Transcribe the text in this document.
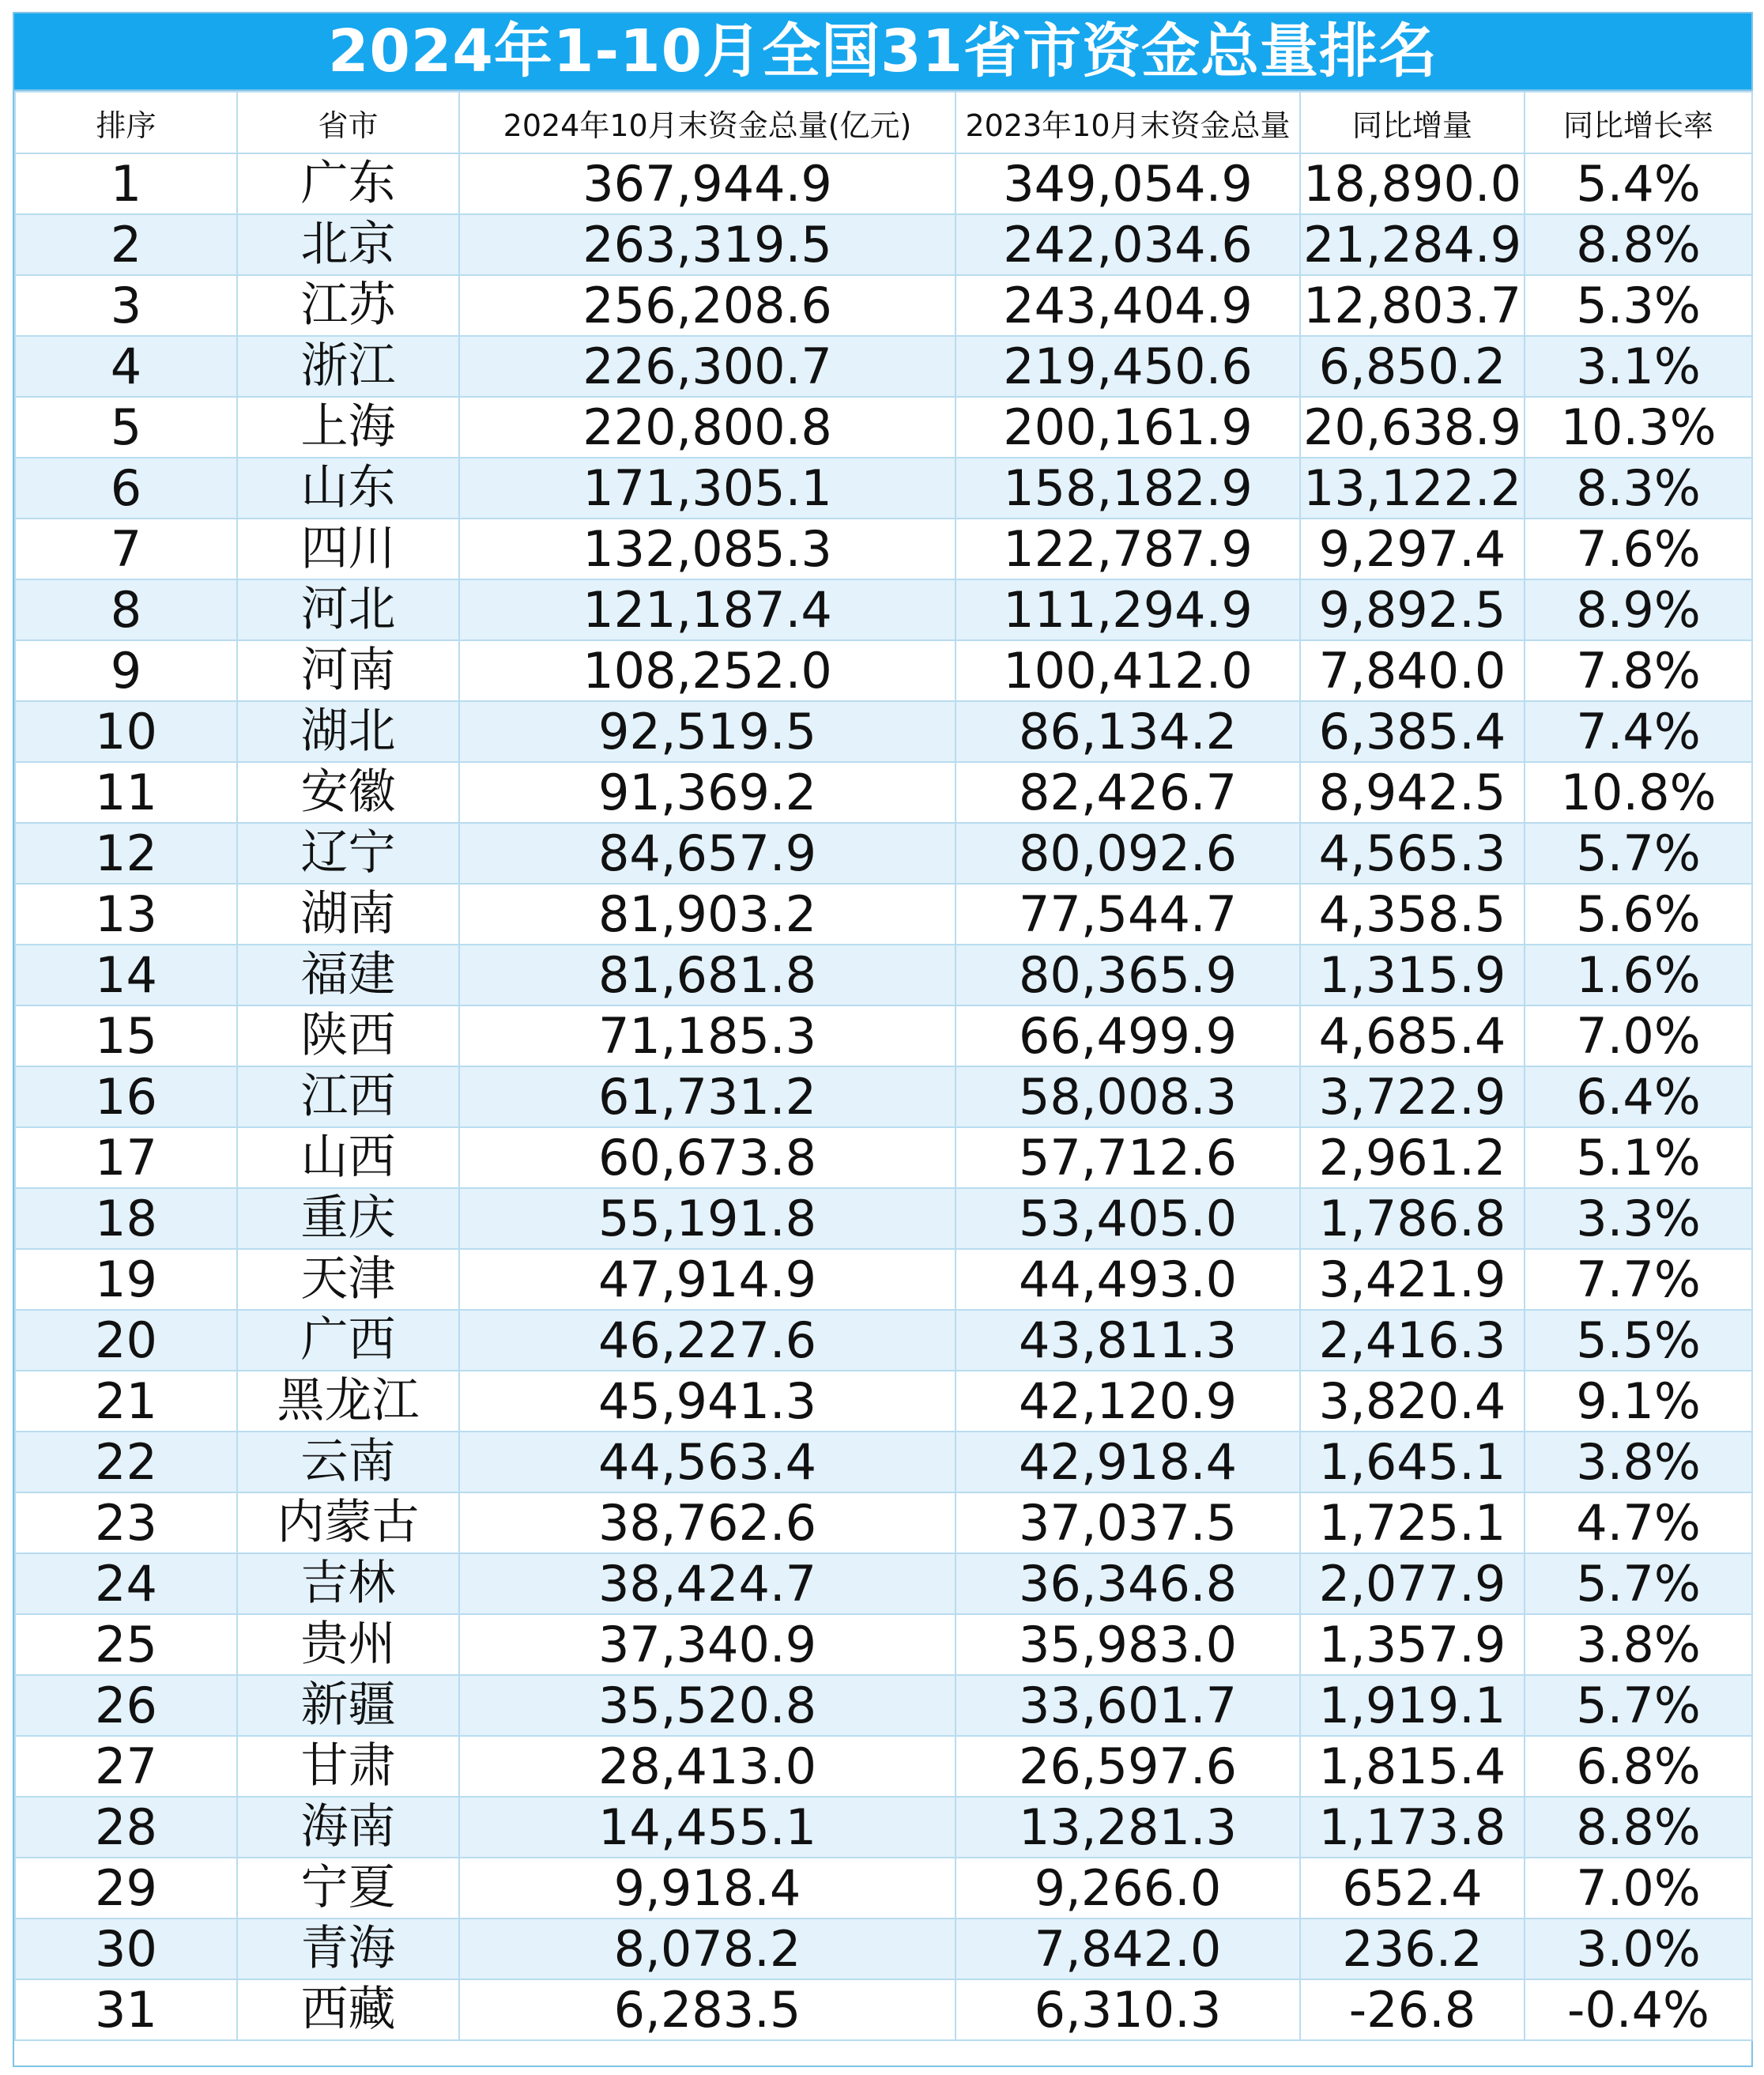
2024年1-10月全国31省市资金总量排名
排序	省市	2024年10月末资金总量(亿元)	2023年10月末资金总量	同比增量	同比增长率
1	广东	367,944.9	349,054.9	18,890.0	5.4%
2	北京	263,319.5	242,034.6	21,284.9	8.8%
3	江苏	256,208.6	243,404.9	12,803.7	5.3%
4	浙江	226,300.7	219,450.6	6,850.2	3.1%
5	上海	220,800.8	200,161.9	20,638.9	10.3%
6	山东	171,305.1	158,182.9	13,122.2	8.3%
7	四川	132,085.3	122,787.9	9,297.4	7.6%
8	河北	121,187.4	111,294.9	9,892.5	8.9%
9	河南	108,252.0	100,412.0	7,840.0	7.8%
10	湖北	92,519.5	86,134.2	6,385.4	7.4%
11	安徽	91,369.2	82,426.7	8,942.5	10.8%
12	辽宁	84,657.9	80,092.6	4,565.3	5.7%
13	湖南	81,903.2	77,544.7	4,358.5	5.6%
14	福建	81,681.8	80,365.9	1,315.9	1.6%
15	陕西	71,185.3	66,499.9	4,685.4	7.0%
16	江西	61,731.2	58,008.3	3,722.9	6.4%
17	山西	60,673.8	57,712.6	2,961.2	5.1%
18	重庆	55,191.8	53,405.0	1,786.8	3.3%
19	天津	47,914.9	44,493.0	3,421.9	7.7%
20	广西	46,227.6	43,811.3	2,416.3	5.5%
21	黑龙江	45,941.3	42,120.9	3,820.4	9.1%
22	云南	44,563.4	42,918.4	1,645.1	3.8%
23	内蒙古	38,762.6	37,037.5	1,725.1	4.7%
24	吉林	38,424.7	36,346.8	2,077.9	5.7%
25	贵州	37,340.9	35,983.0	1,357.9	3.8%
26	新疆	35,520.8	33,601.7	1,919.1	5.7%
27	甘肃	28,413.0	26,597.6	1,815.4	6.8%
28	海南	14,455.1	13,281.3	1,173.8	8.8%
29	宁夏	9,918.4	9,266.0	652.4	7.0%
30	青海	8,078.2	7,842.0	236.2	3.0%
31	西藏	6,283.5	6,310.3	-26.8	-0.4%
